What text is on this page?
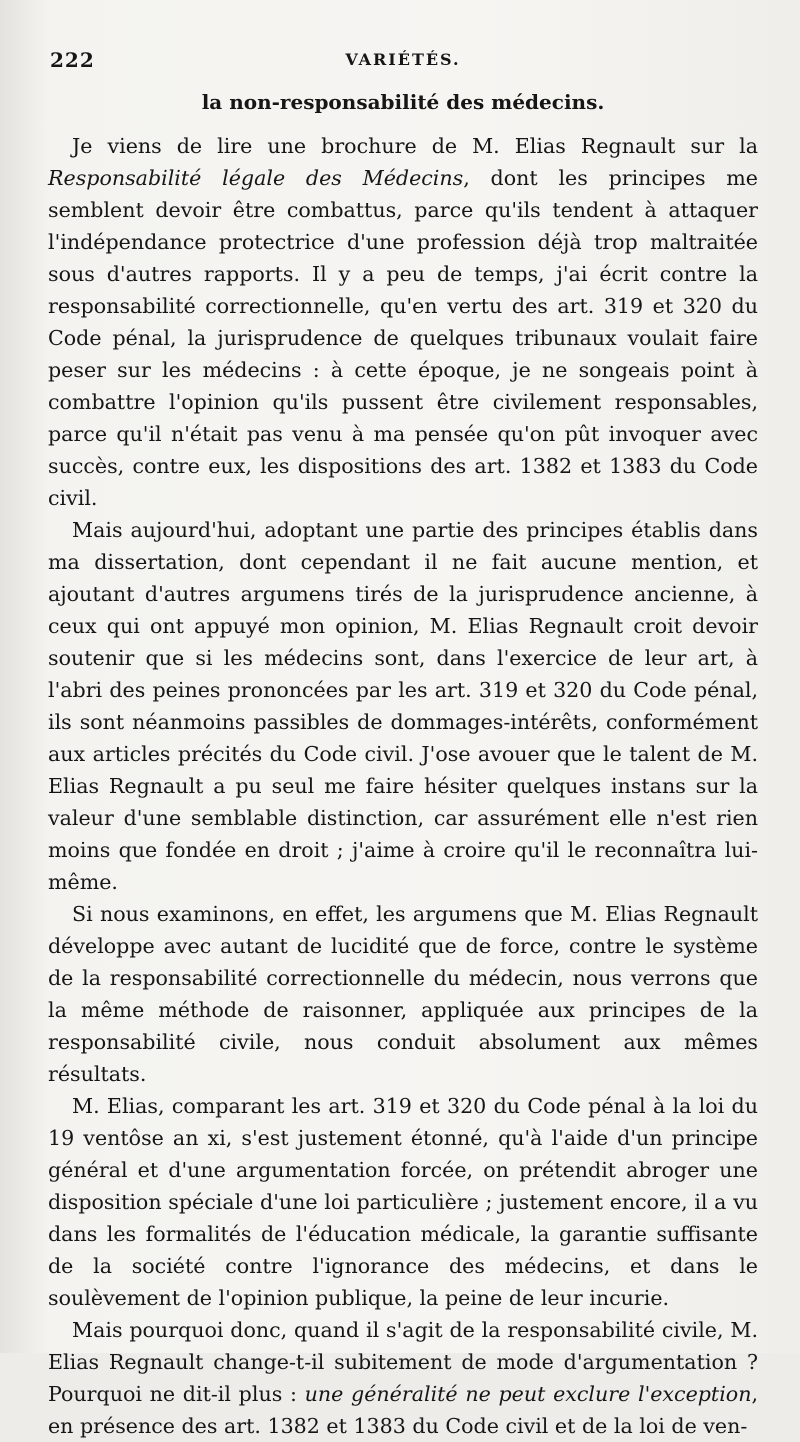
222	VARIÉTÉS.
la non-responsabilité des médecins.

Je viens de lire une brochure de M. Elias Regnault sur la Responsabilité légale des Médecins, dont les principes me semblent devoir être combattus, parce qu'ils tendent à attaquer l'indépendance protectrice d'une profession déjà trop maltraitée sous d'autres rapports. Il y a peu de temps, j'ai écrit contre la responsabilité correctionnelle, qu'en vertu des art. 319 et 320 du Code pénal, la jurisprudence de quelques tribunaux voulait faire peser sur les médecins : à cette époque, je ne songeais point à combattre l'opinion qu'ils pussent être civilement responsables, parce qu'il n'était pas venu à ma pensée qu'on pût invoquer avec succès, contre eux, les dispositions des art. 1382 et 1383 du Code civil.

Mais aujourd'hui, adoptant une partie des principes établis dans ma dissertation, dont cependant il ne fait aucune mention, et ajoutant d'autres argumens tirés de la jurisprudence ancienne, à ceux qui ont appuyé mon opinion, M. Elias Regnault croit devoir soutenir que si les médecins sont, dans l'exercice de leur art, à l'abri des peines prononcées par les art. 319 et 320 du Code pénal, ils sont néanmoins passibles de dommages-intérêts, conformément aux articles précités du Code civil. J'ose avouer que le talent de M. Elias Regnault a pu seul me faire hésiter quelques instans sur la valeur d'une semblable distinction, car assurément elle n'est rien moins que fondée en droit ; j'aime à croire qu'il le reconnaîtra lui-même.

Si nous examinons, en effet, les argumens que M. Elias Regnault développe avec autant de lucidité que de force, contre le système de la responsabilité correctionnelle du médecin, nous verrons que la même méthode de raisonner, appliquée aux principes de la responsabilité civile, nous conduit absolument aux mêmes résultats.

M. Elias, comparant les art. 319 et 320 du Code pénal à la loi du 19 ventôse an xi, s'est justement étonné, qu'à l'aide d'un principe général et d'une argumentation forcée, on prétendit abroger une disposition spéciale d'une loi particulière ; justement encore, il a vu dans les formalités de l'éducation médicale, la garantie suffisante de la société contre l'ignorance des médecins, et dans le soulèvement de l'opinion publique, la peine de leur incurie.

Mais pourquoi donc, quand il s'agit de la responsabilité civile, M. Elias Regnault change-t-il subitement de mode d'argumentation ? Pourquoi ne dit-il plus : une généralité ne peut exclure l'exception, en présence des art. 1382 et 1383 du Code civil et de la loi de ven-
